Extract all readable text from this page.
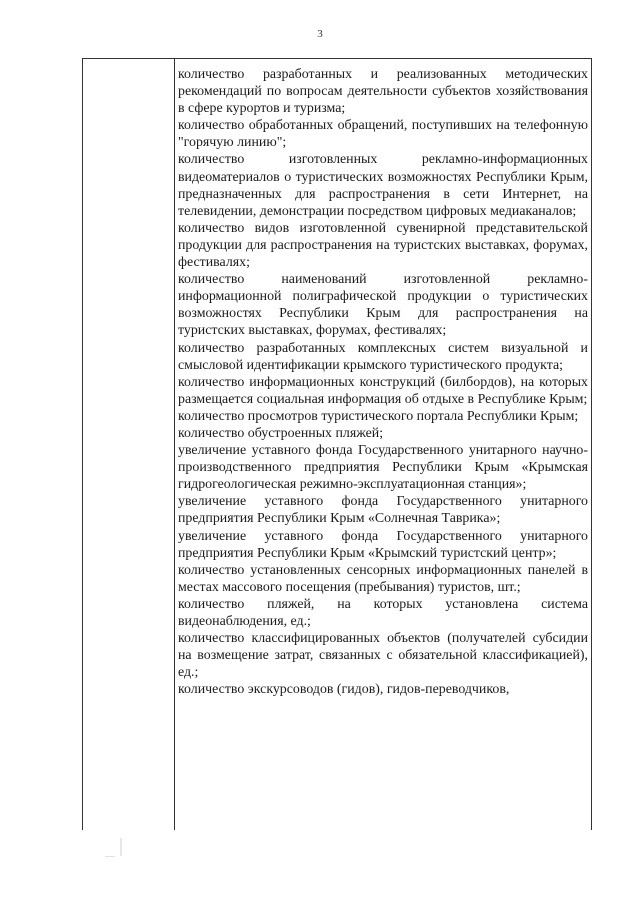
3

количество разработанных и реализованных методических рекомендаций по вопросам деятельности субъектов хозяйствования в сфере курортов и туризма;

количество обработанных обращений, поступивших на телефонную "горячую линию";

количество изготовленных рекламно-информационных видеоматериалов о туристических возможностях Республики Крым, предназначенных для распространения в сети Интернет, на телевидении, демонстрации посредством цифровых медиаканалов;

количество видов изготовленной сувенирной представительской продукции для распространения на туристских выставках, форумах, фестивалях;

количество наименований изготовленной рекламно-информационной полиграфической продукции о туристических возможностях Республики Крым для распространения на туристских выставках, форумах, фестивалях;

количество разработанных комплексных систем визуальной и смысловой идентификации крымского туристического продукта;

количество информационных конструкций (билбордов), на которых размещается социальная информация об отдыхе в Республике Крым;

количество просмотров туристического портала Республики Крым;

количество обустроенных пляжей;

увеличение уставного фонда Государственного унитарного научно-производственного предприятия Республики Крым «Крымская гидрогеологическая режимно-эксплуатационная станция»;

увеличение уставного фонда Государственного унитарного предприятия Республики Крым «Солнечная Таврика»;

увеличение уставного фонда Государственного унитарного предприятия Республики Крым «Крымский туристский центр»;

количество установленных сенсорных информационных панелей в местах массового посещения (пребывания) туристов, шт.;

количество пляжей, на которых установлена система видеонаблюдения, ед.;

количество классифицированных объектов (получателей субсидии на возмещение затрат, связанных с обязательной классификацией), ед.;

количество экскурсоводов (гидов), гидов-переводчиков,
